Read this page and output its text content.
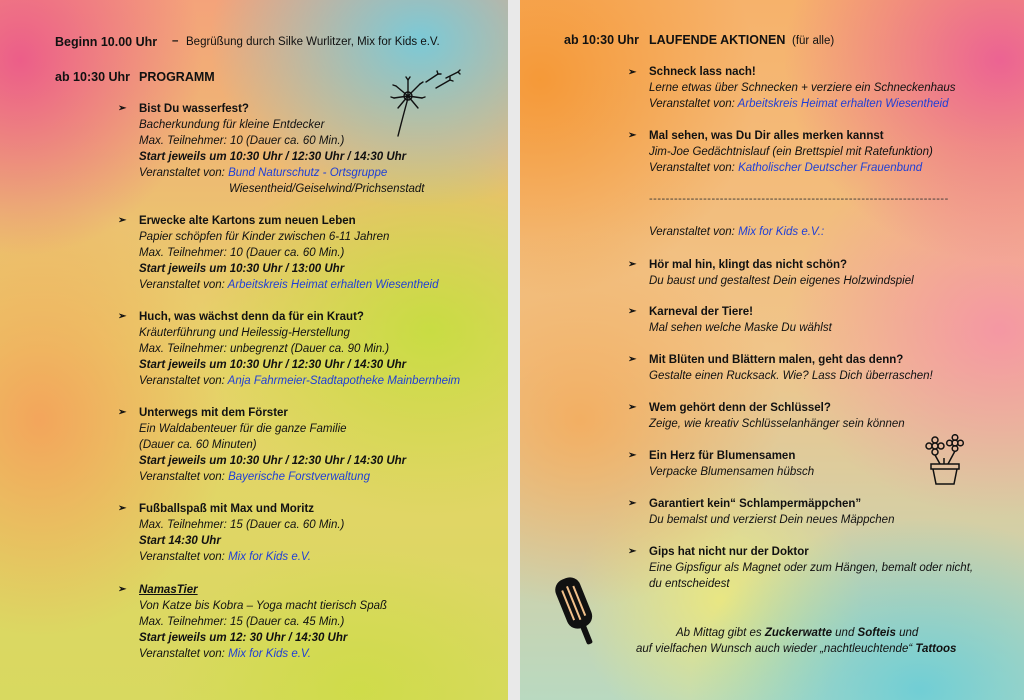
Beginn 10.00 Uhr – Begrüßung durch Silke Wurlitzer, Mix for Kids e.V.
ab 10:30 Uhr PROGRAMM
➢ Bist Du wasserfest?
Bacherkundung für kleine Entdecker
Max. Teilnehmer: 10 (Dauer ca. 60 Min.)
Start jeweils um 10:30 Uhr / 12:30 Uhr / 14:30 Uhr
Veranstaltet von: Bund Naturschutz - Ortsgruppe
Wiesentheid/Geiselwind/Prichsenstadt
➢ Erwecke alte Kartons zum neuen Leben
Papier schöpfen für Kinder zwischen 6-11 Jahren
Max. Teilnehmer: 10 (Dauer ca. 60 Min.)
Start jeweils um 10:30 Uhr / 13:00 Uhr
Veranstaltet von: Arbeitskreis Heimat erhalten Wiesentheid
➢ Huch, was wächst denn da für ein Kraut?
Kräuterführung und Heilessig-Herstellung
Max. Teilnehmer: unbegrenzt (Dauer ca. 90 Min.)
Start jeweils um 10:30 Uhr / 12:30 Uhr / 14:30 Uhr
Veranstaltet von: Anja Fahrmeier-Stadtapotheke Mainbernheim
➢ Unterwegs mit dem Förster
Ein Waldabenteuer für die ganze Familie
(Dauer ca. 60 Minuten)
Start jeweils um 10:30 Uhr / 12:30 Uhr / 14:30 Uhr
Veranstaltet von: Bayerische Forstverwaltung
➢ Fußballspaß mit Max und Moritz
Max. Teilnehmer: 15 (Dauer ca. 60 Min.)
Start 14:30 Uhr
Veranstaltet von: Mix for Kids e.V.
➢ NamasTier
Von Katze bis Kobra – Yoga macht tierisch Spaß
Max. Teilnehmer: 15 (Dauer ca. 45 Min.)
Start jeweils um 12: 30 Uhr / 14:30 Uhr
Veranstaltet von: Mix for Kids e.V.
ab 10:30 Uhr LAUFENDE AKTIONEN (für alle)
➢ Schneck lass nach!
Lerne etwas über Schnecken + verziere ein Schneckenhaus
Veranstaltet von: Arbeitskreis Heimat erhalten Wiesentheid
➢ Mal sehen, was Du Dir alles merken kannst
Jim-Joe Gedächtnislauf (ein Brettspiel mit Ratefunktion)
Veranstaltet von: Katholischer Deutscher Frauenbund
------------------------------------------------------------------------
Veranstaltet von: Mix for Kids e.V.:
➢ Hör mal hin, klingt das nicht schön?
Du baust und gestaltest Dein eigenes Holzwindspiel
➢ Karneval der Tiere!
Mal sehen welche Maske Du wählst
➢ Mit Blüten und Blättern malen, geht das denn?
Gestalte einen Rucksack. Wie? Lass Dich überraschen!
➢ Wem gehört denn der Schlüssel?
Zeige, wie kreativ Schlüsselanhänger sein können
➢ Ein Herz für Blumensamen
Verpacke Blumensamen hübsch
➢ Garantiert kein“ Schlampermäppchen”
Du bemalst und verzierst Dein neues Mäppchen
➢ Gips hat nicht nur der Doktor
Eine Gipsfigur als Magnet oder zum Hängen, bemalt oder nicht,
du entscheidest
Ab Mittag gibt es Zuckerwatte und Softeis und
auf vielfachen Wunsch auch wieder „nachtleuchtende“ Tattoos
